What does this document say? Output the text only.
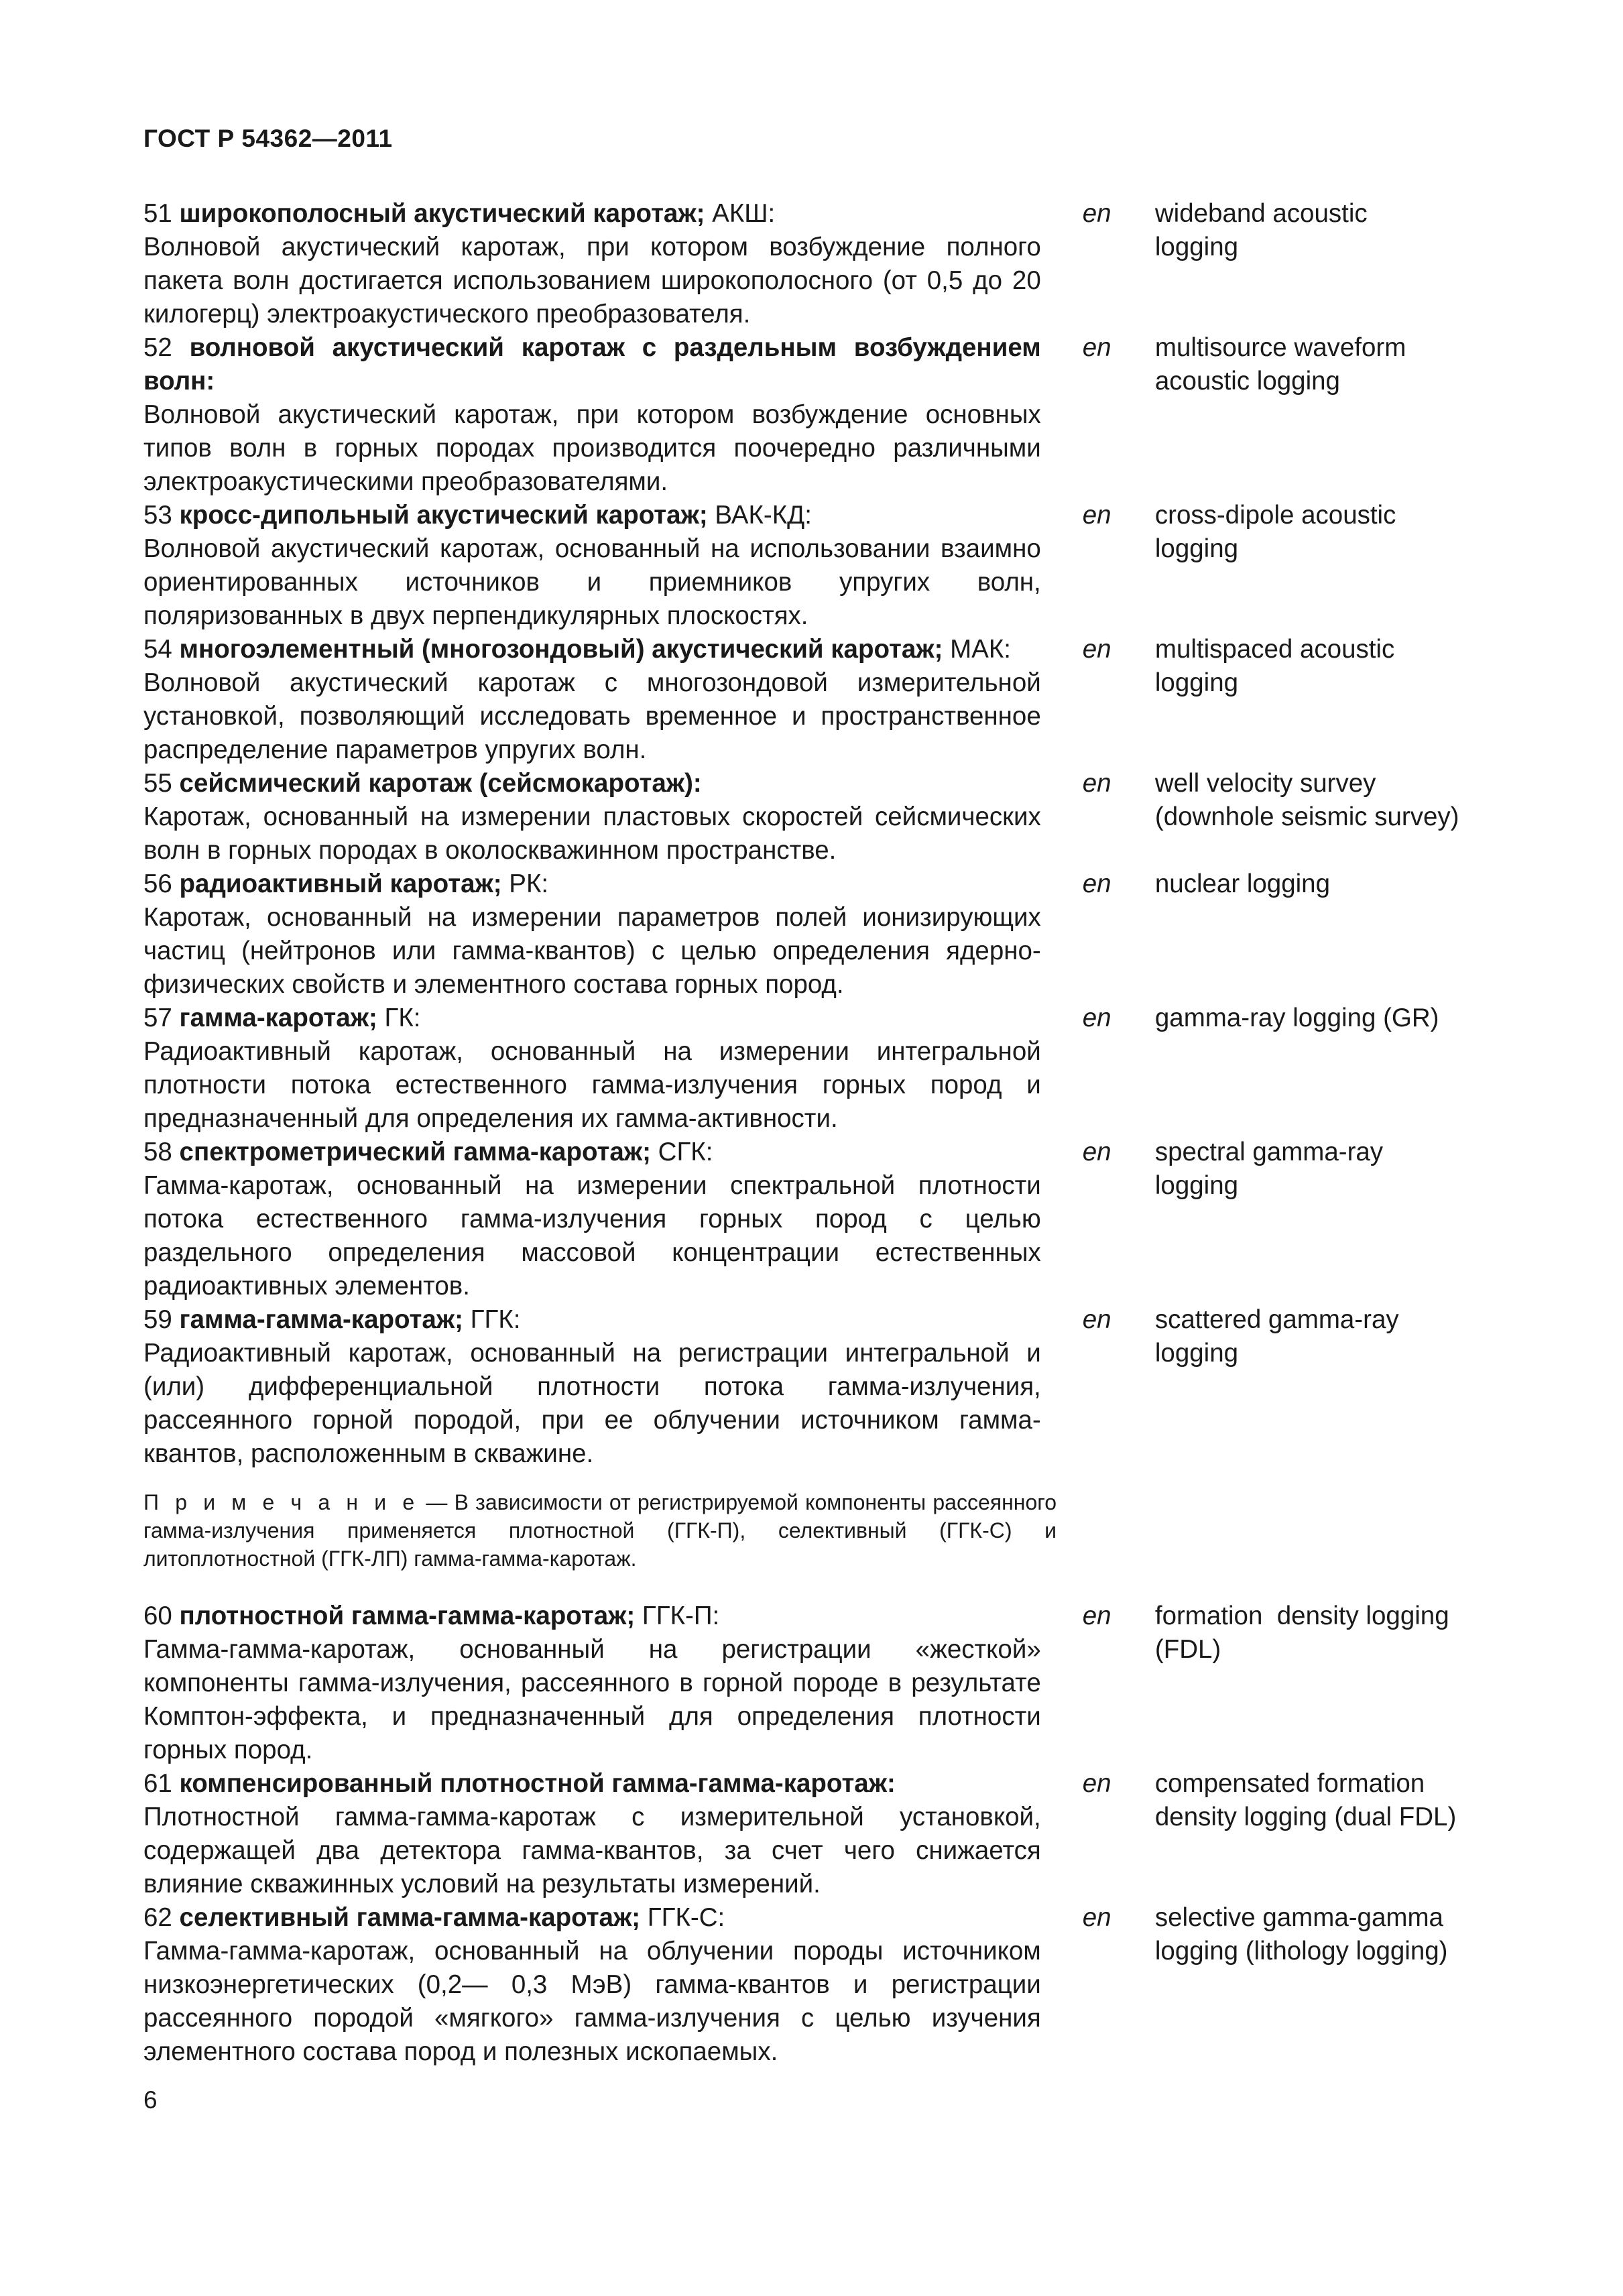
ГОСТ Р 54362—2011
51 широкополосный акустический каротаж; АКШ:
Волновой акустический каротаж, при котором возбуждение полного пакета волн достигается использованием широкополосного (от 0,5 до 20 килогерц) электроакустического преобразователя.
en	wideband acoustic
logging
52 волновой акустический каротаж с раздельным возбуждением волн:
Волновой акустический каротаж, при котором возбуждение основных типов волн в горных породах производится поочередно различными электроакустическими преобразователями.
en	multisource waveform
acoustic logging
53 кросс-дипольный акустический каротаж; ВАК-КД:
Волновой акустический каротаж, основанный на использовании взаимно ориентированных источников и приемников упругих волн, поляризованных в двух перпендикулярных плоскостях.
en	cross-dipole acoustic
logging
54 многоэлементный (многозондовый) акустический каротаж; МАК:
Волновой акустический каротаж с многозондовой измерительной установкой, позволяющий исследовать временное и пространственное распределение параметров упругих волн.
en	multispaced acoustic
logging
55 сейсмический каротаж (сейсмокаротаж):
Каротаж, основанный на измерении пластовых скоростей сейсмических волн в горных породах в околоскважинном пространстве.
en	well velocity survey
(downhole seismic survey)
56 радиоактивный каротаж; РК:
Каротаж, основанный на измерении параметров полей ионизирующих частиц (нейтронов или гамма-квантов) с целью определения ядерно-физических свойств и элементного состава горных пород.
en	nuclear logging
57 гамма-каротаж; ГК:
Радиоактивный каротаж, основанный на измерении интегральной плотности потока естественного гамма-излучения горных пород и предназначенный для определения их гамма-активности.
en	gamma-ray logging (GR)
58 спектрометрический гамма-каротаж; СГК:
Гамма-каротаж, основанный на измерении спектральной плотности потока естественного гамма-излучения горных пород с целью раздельного определения массовой концентрации естественных радиоактивных элементов.
en	spectral gamma-ray
logging
59 гамма-гамма-каротаж; ГГК:
Радиоактивный каротаж, основанный на регистрации интегральной и (или) дифференциальной плотности потока гамма-излучения, рассеянного горной породой, при ее облучении источником гамма-квантов, расположенным в скважине.
en	scattered gamma-ray
logging
П р и м е ч а н и е — В зависимости от регистрируемой компоненты рассеянного гамма-излучения применяется плотностной (ГГК-П), селективный (ГГК-С) и литоплотностной (ГГК-ЛП) гамма-гамма-каротаж.
60 плотностной гамма-гамма-каротаж; ГГК-П:
Гамма-гамма-каротаж, основанный на регистрации «жесткой» компоненты гамма-излучения, рассеянного в горной породе в результате Комптон-эффекта, и предназначенный для определения плотности горных пород.
en	formation  density logging
(FDL)
61 компенсированный плотностной гамма-гамма-каротаж:
Плотностной гамма-гамма-каротаж с измерительной установкой, содержащей два детектора гамма-квантов, за счет чего снижается влияние скважинных условий на результаты измерений.
en	compensated formation
density logging (dual FDL)
62 селективный гамма-гамма-каротаж; ГГК-С:
Гамма-гамма-каротаж, основанный на облучении породы источником низкоэнергетических (0,2— 0,3 МэВ) гамма-квантов и регистрации рассеянного породой «мягкого» гамма-излучения с целью изучения элементного состава пород и полезных ископаемых.
en	selective gamma-gamma
logging (lithology logging)
6
